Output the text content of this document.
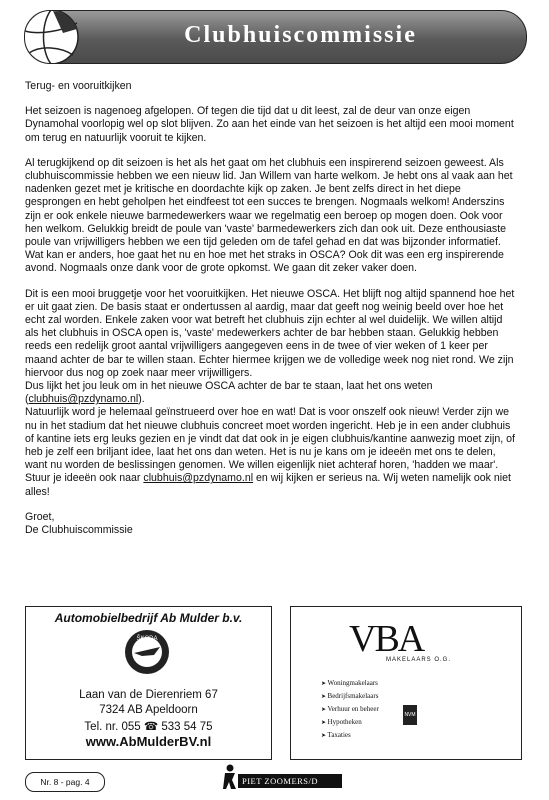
Clubhuiscommissie

Terug- en vooruitkijken

Het seizoen is nagenoeg afgelopen. Of tegen die tijd dat u dit leest, zal de deur van onze eigen Dynamohal voorlopig wel op slot blijven. Zo aan het einde van het seizoen is het altijd een mooi moment om terug en natuurlijk vooruit te kijken.

Al terugkijkend op dit seizoen is het als het gaat om het clubhuis een inspirerend seizoen geweest. Als clubhuiscommissie hebben we een nieuw lid. Jan Willem van harte welkom. Je hebt ons al vaak aan het nadenken gezet met je kritische en doordachte kijk op zaken. Je bent zelfs direct in het diepe gesprongen en hebt geholpen het eindfeest tot een succes te brengen. Nogmaals welkom! Anderszins zijn er ook enkele nieuwe barmedewerkers waar we regelmatig een beroep op mogen doen. Ook voor hen welkom. Gelukkig breidt de poule van 'vaste' barmedewerkers zich dan ook uit. Deze enthousiaste poule van vrijwilligers hebben we een tijd geleden om de tafel gehad en dat was bijzonder informatief. Wat kan er anders, hoe gaat het nu en hoe met het straks in OSCA? Ook dit was een erg inspirerende avond. Nogmaals onze dank voor de grote opkomst. We gaan dit zeker vaker doen.

Dit is een mooi bruggetje voor het vooruitkijken. Het nieuwe OSCA. Het blijft nog altijd spannend hoe het er uit gaat zien. De basis staat er ondertussen al aardig, maar dat geeft nog weinig beeld over hoe het echt zal worden. Enkele zaken voor wat betreft het clubhuis zijn echter al wel duidelijk. We willen altijd als het clubhuis in OSCA open is, 'vaste' medewerkers achter de bar hebben staan. Gelukkig hebben reeds een redelijk groot aantal vrijwilligers aangegeven eens in de twee of vier weken of 1 keer per maand achter de bar te willen staan. Echter hiermee krijgen we de volledige week nog niet rond. We zijn hiervoor dus nog op zoek naar meer vrijwilligers.

Dus lijkt het jou leuk om in het nieuwe OSCA achter de bar te staan, laat het ons weten (clubhuis@pzdynamo.nl).

Natuurlijk word je helemaal geïnstrueerd over hoe en wat! Dat is voor onszelf ook nieuw! Verder zijn we nu in het stadium dat het nieuwe clubhuis concreet moet worden ingericht. Heb je in een ander clubhuis of kantine iets erg leuks gezien en je vindt dat dat ook in je eigen clubhuis/kantine aanwezig moet zijn, of heb je zelf een briljant idee, laat het ons dan weten. Het is nu je kans om je ideeën met ons te delen, want nu worden de beslissingen genomen. We willen eigenlijk niet achteraf horen, 'hadden we maar'. Stuur je ideeën ook naar clubhuis@pzdynamo.nl en wij kijken er serieus na. Wij weten namelijk ook niet alles!

Groet,

De Clubhuiscommissie

Automobielbedrijf Ab Mulder b.v.
ŠKODA
Laan van de Dierenriem 67
7324 AB Apeldoorn
Tel. nr. 055 ☎ 533 54 75
www.AbMulderBV.nl
VBA
MAKELAARS O.G.
➤ Woningmakelaars
➤ Bedrijfsmakelaars
➤ Verhuur en beheer
➤ Hypotheken
➤ Taxaties
NVM
Nr. 8 - pag. 4	PIET ZOOMERS/D
